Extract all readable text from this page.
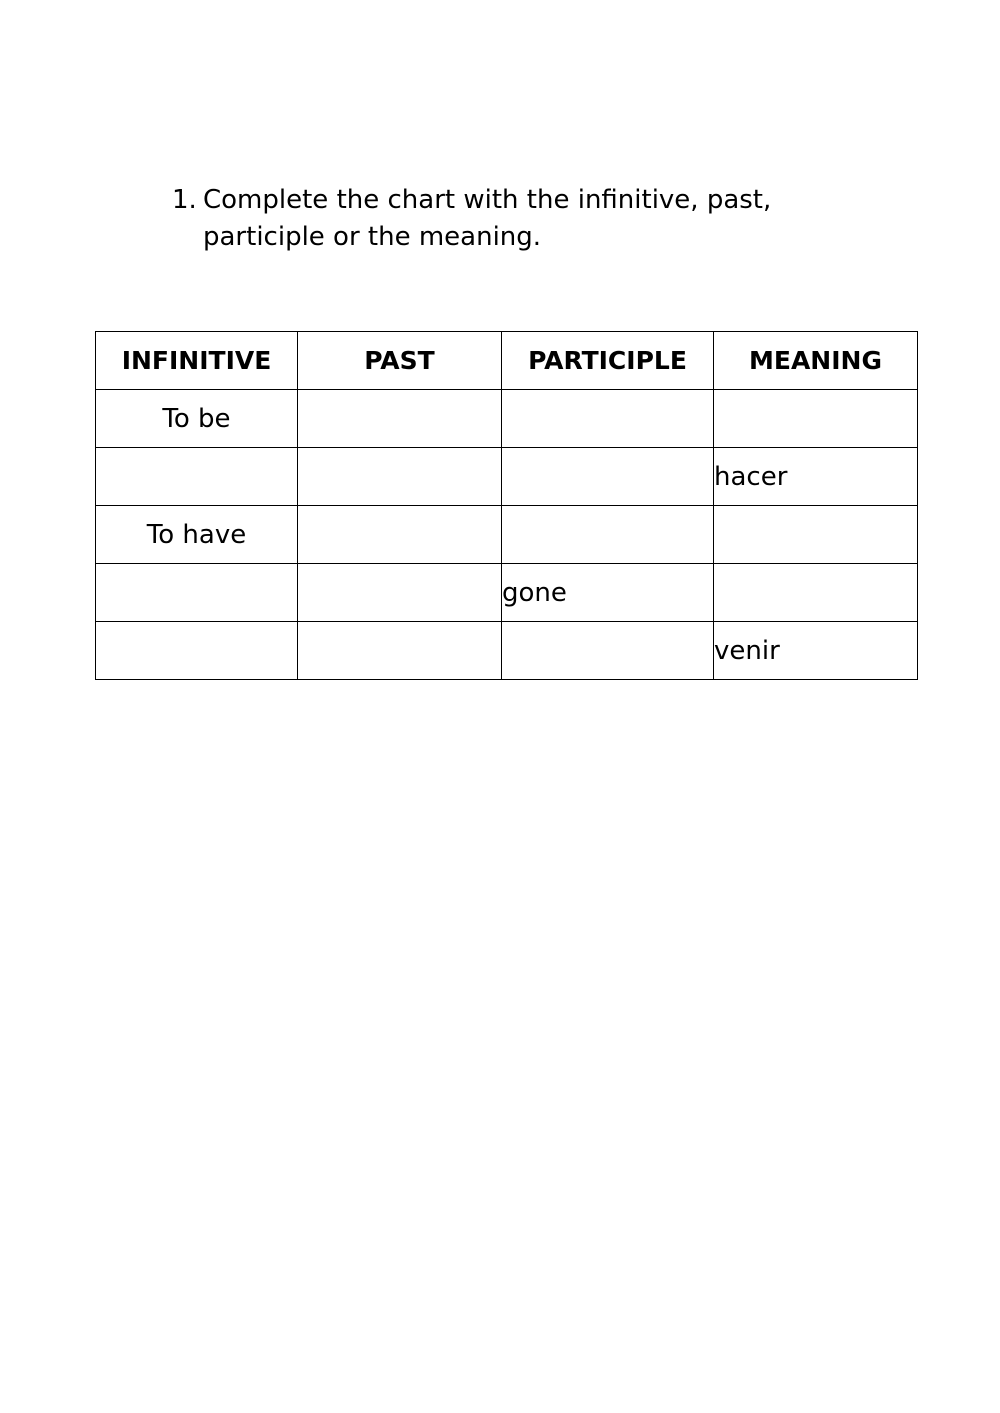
1. Complete the chart with the infinitive, past, participle or the meaning.
INFINITIVE	PAST	PARTICIPLE	MEANING
To be			
			hacer
To have			
		gone	
			venir
